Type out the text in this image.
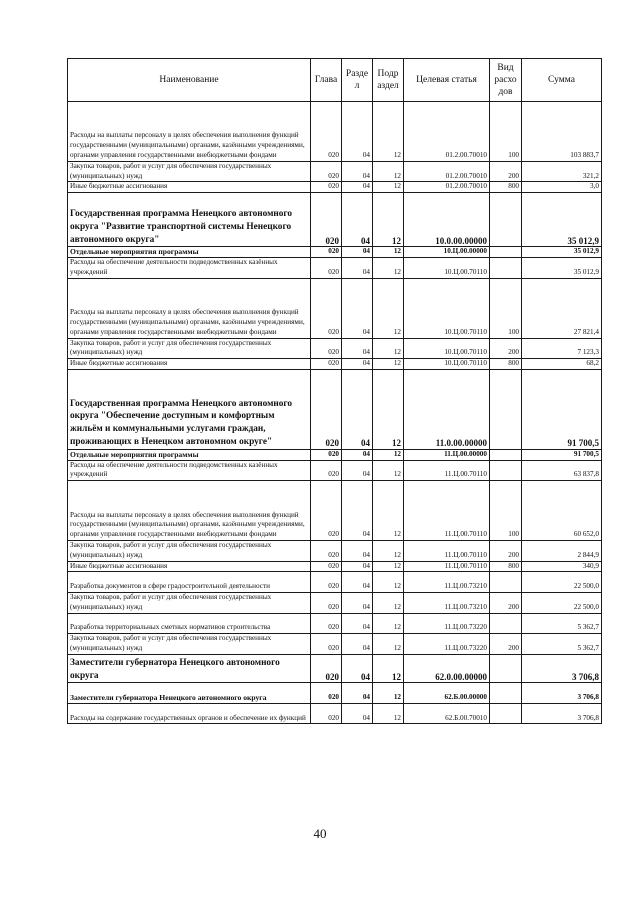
Наименование	Глава	Разде л	Подр аздел	Целевая статья	Вид расхо дов	Сумма
Расходы на выплаты персоналу в целях обеспечения выполнения функций государственными (муниципальными) органами, казёнными учреждениями, органами управления государственными внебюджетными фондами	020	04	12	01.2.00.70010	100	103 883,7
Закупка товаров, работ и услуг для обеспечения государственных (муниципальных) нужд	020	04	12	01.2.00.70010	200	321,2
Иные бюджетные ассигнования	020	04	12	01.2.00.70010	800	3,0
Государственная программа Ненецкого автономного округа "Развитие транспортной системы Ненецкого автономного округа"	020	04	12	10.0.00.00000		35 012,9
Отдельные мероприятия программы	020	04	12	10.Ц.00.00000		35 012,9
Расходы на обеспечение деятельности подведомственных казённых учреждений	020	04	12	10.Ц.00.70110		35 012,9
Расходы на выплаты персоналу в целях обеспечения выполнения функций государственными (муниципальными) органами, казёнными учреждениями, органами управления государственными внебюджетными фондами	020	04	12	10.Ц.00.70110	100	27 821,4
Закупка товаров, работ и услуг для обеспечения государственных (муниципальных) нужд	020	04	12	10.Ц.00.70110	200	7 123,3
Иные бюджетные ассигнования	020	04	12	10.Ц.00.70110	800	68,2
Государственная программа Ненецкого автономного округа "Обеспечение доступным и комфортным жильём и коммунальными услугами граждан, проживающих в Ненецком автономном округе"	020	04	12	11.0.00.00000		91 700,5
Отдельные мероприятия программы	020	04	12	11.Ц.00.00000		91 700,5
Расходы на обеспечение деятельности подведомственных казённых учреждений	020	04	12	11.Ц.00.70110		63 837,8
Расходы на выплаты персоналу в целях обеспечения выполнения функций государственными (муниципальными) органами, казёнными учреждениями, органами управления государственными внебюджетными фондами	020	04	12	11.Ц.00.70110	100	60 652,0
Закупка товаров, работ и услуг для обеспечения государственных (муниципальных) нужд	020	04	12	11.Ц.00.70110	200	2 844,9
Иные бюджетные ассигнования	020	04	12	11.Ц.00.70110	800	340,9
Разработка документов в сфере градостроительной деятельности	020	04	12	11.Ц.00.73210		22 500,0
Закупка товаров, работ и услуг для обеспечения государственных (муниципальных) нужд	020	04	12	11.Ц.00.73210	200	22 500,0
Разработка территориальных сметных нормативов строительства	020	04	12	11.Ц.00.73220		5 362,7
Закупка товаров, работ и услуг для обеспечения государственных (муниципальных) нужд	020	04	12	11.Ц.00.73220	200	5 362,7
Заместители губернатора Ненецкого автономного округа	020	04	12	62.0.00.00000		3 706,8
Заместители губернатора Ненецкого автономного округа	020	04	12	62.Б.00.00000		3 706,8
Расходы на содержание государственных органов и обеспечение их функций	020	04	12	62.Б.00.70010		3 706,8
40
